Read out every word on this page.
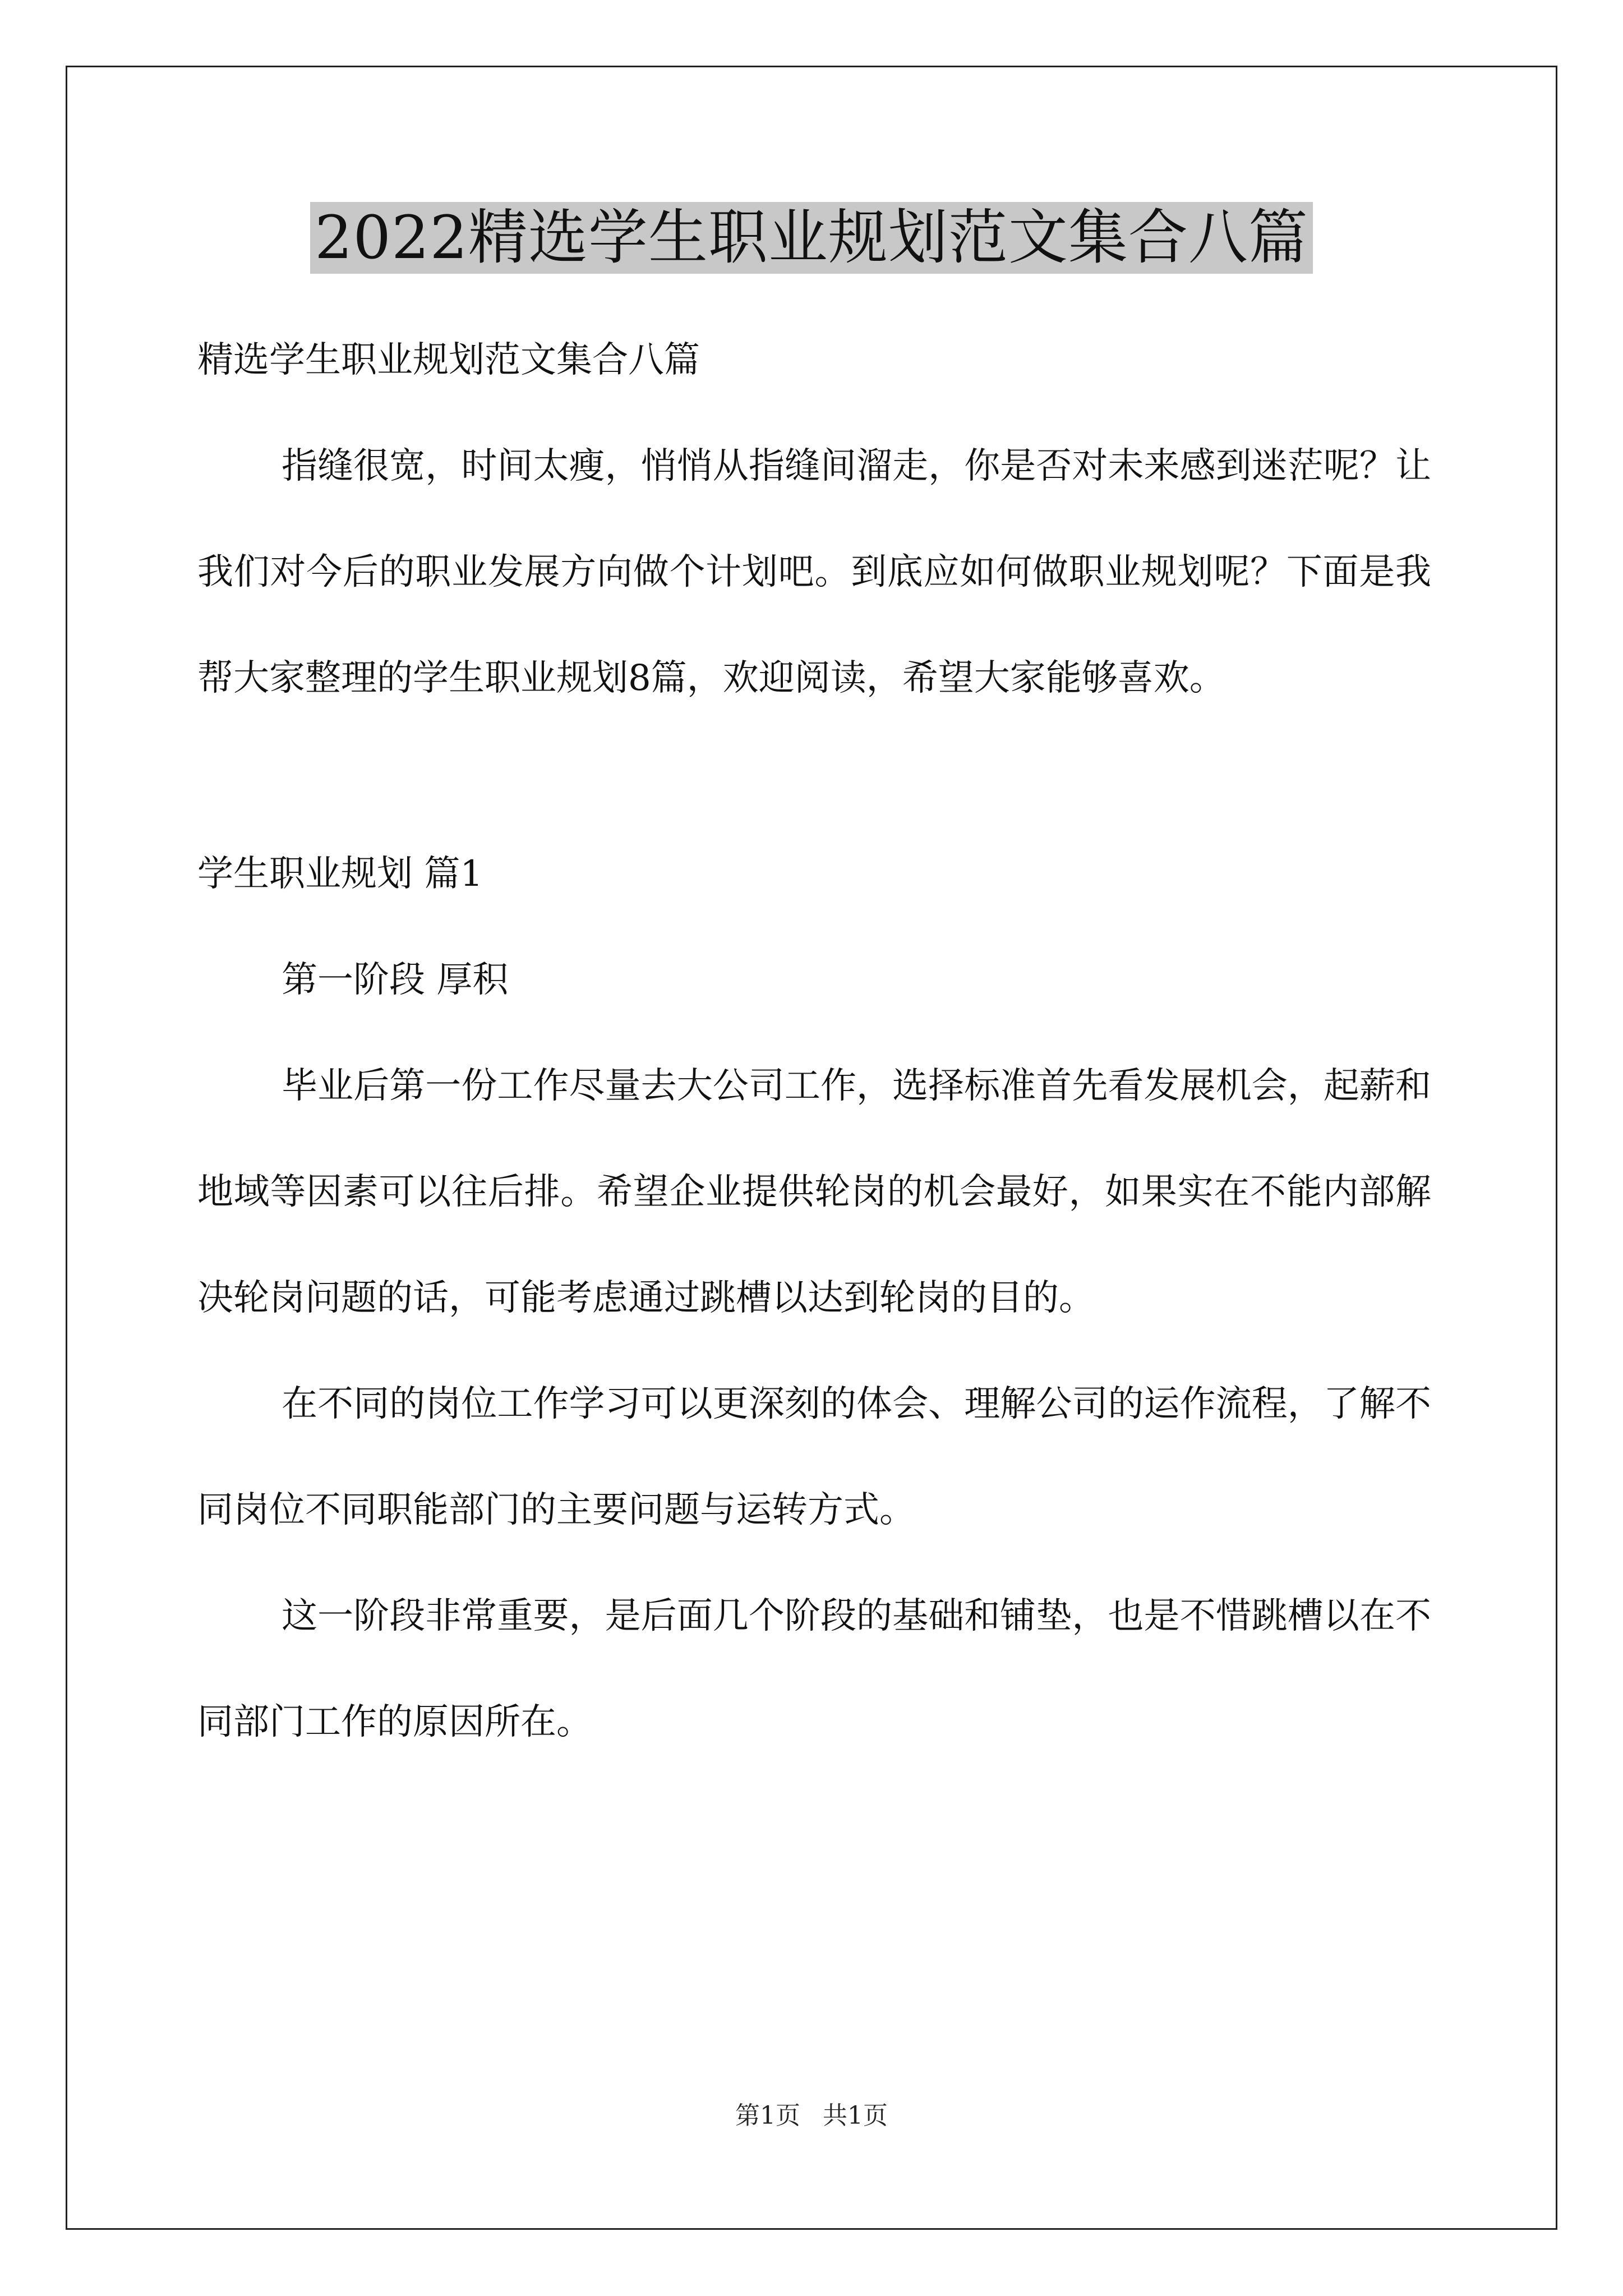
2022精选学生职业规划范文集合八篇

精选学生职业规划范文集合八篇

指缝很宽，时间太瘦，悄悄从指缝间溜走，你是否对未来感到迷茫呢？让我们对今后的职业发展方向做个计划吧。到底应如何做职业规划呢？下面是我帮大家整理的学生职业规划8篇，欢迎阅读，希望大家能够喜欢。

学生职业规划 篇1

第一阶段 厚积

毕业后第一份工作尽量去大公司工作，选择标准首先看发展机会，起薪和地域等因素可以往后排。希望企业提供轮岗的机会最好，如果实在不能内部解决轮岗问题的话，可能考虑通过跳槽以达到轮岗的目的。

在不同的岗位工作学习可以更深刻的体会、理解公司的运作流程，了解不同岗位不同职能部门的主要问题与运转方式。

这一阶段非常重要，是后面几个阶段的基础和铺垫，也是不惜跳槽以在不同部门工作的原因所在。

第1页 共1页
